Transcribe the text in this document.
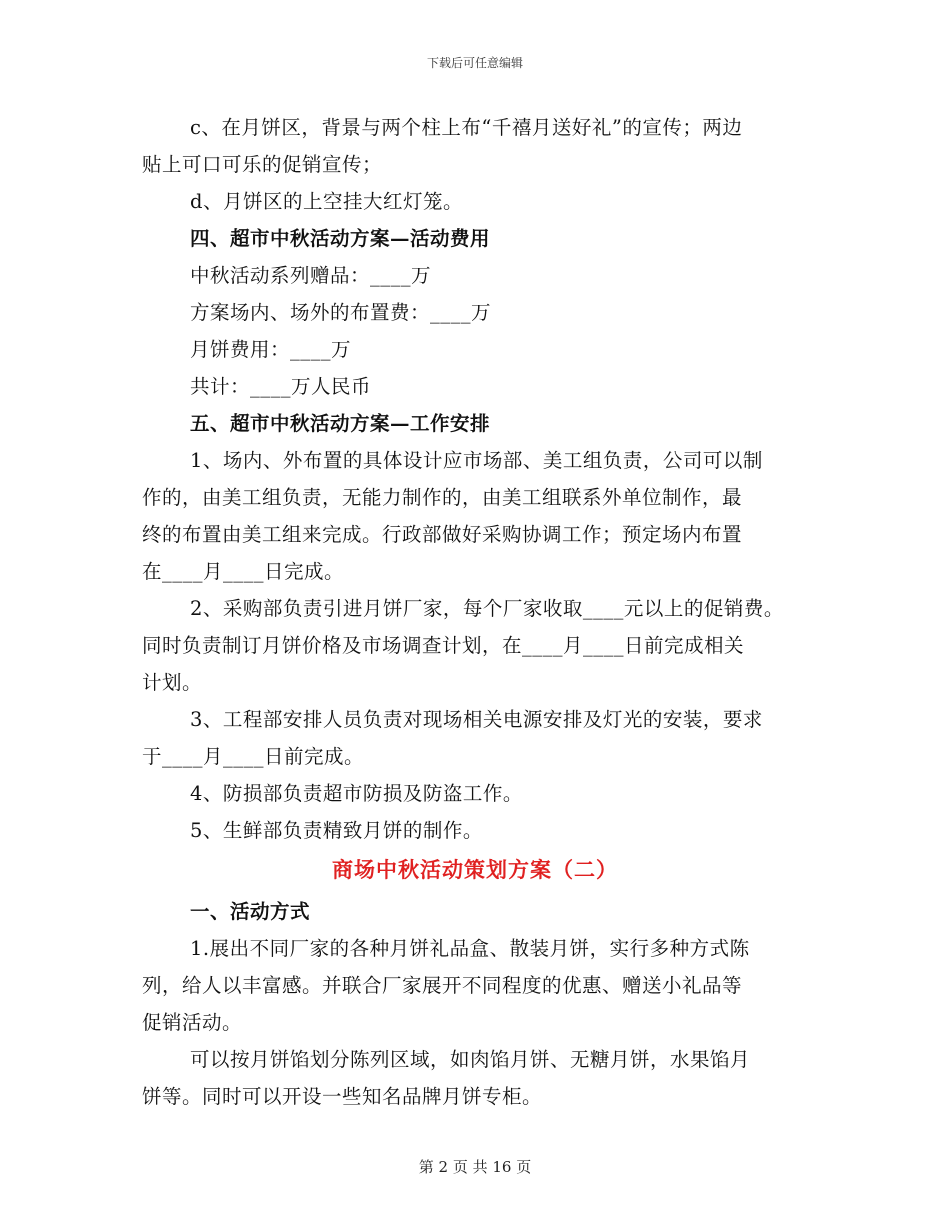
下载后可任意编辑
c、在月饼区，背景与两个柱上布“千禧月送好礼”的宣传；两边
贴上可口可乐的促销宣传；
d、月饼区的上空挂大红灯笼。
四、超市中秋活动方案—活动费用
中秋活动系列赠品：____万
方案场内、场外的布置费：____万
月饼费用：____万
共计：____万人民币
五、超市中秋活动方案—工作安排
1、场内、外布置的具体设计应市场部、美工组负责，公司可以制
作的，由美工组负责，无能力制作的，由美工组联系外单位制作，最
终的布置由美工组来完成。行政部做好采购协调工作；预定场内布置
在____月____日完成。
2、采购部负责引进月饼厂家，每个厂家收取____元以上的促销费。
同时负责制订月饼价格及市场调查计划，在____月____日前完成相关
计划。
3、工程部安排人员负责对现场相关电源安排及灯光的安装，要求
于____月____日前完成。
4、防损部负责超市防损及防盗工作。
5、生鲜部负责精致月饼的制作。
商场中秋活动策划方案（二）
一、活动方式
1.展出不同厂家的各种月饼礼品盒、散装月饼，实行多种方式陈
列，给人以丰富感。并联合厂家展开不同程度的优惠、赠送小礼品等
促销活动。
可以按月饼馅划分陈列区域，如肉馅月饼、无糖月饼，水果馅月
饼等。同时可以开设一些知名品牌月饼专柜。
第 2 页 共 16 页
